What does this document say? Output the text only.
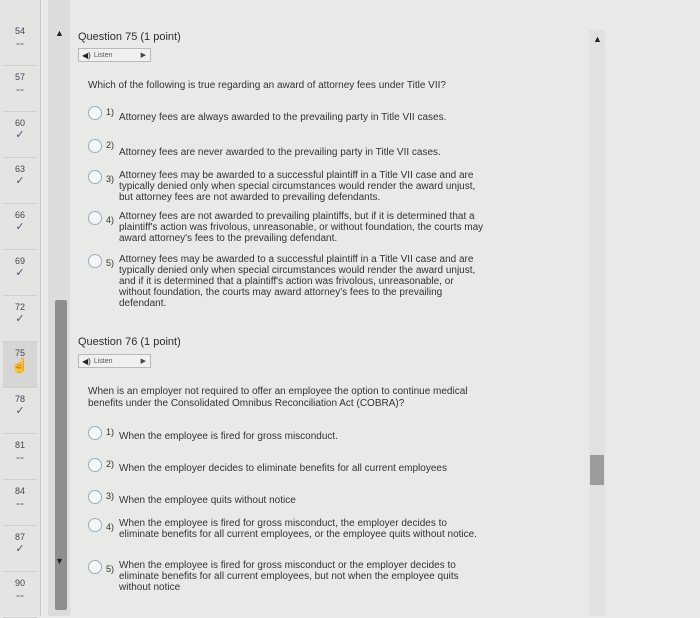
54
--
57
--
60
✓
63
✓
66
✓
69
✓
72
✓
75
☝
78
✓
81
--
84
--
87
✓
90
--
▲
▼
▲
Question 75 (1 point)
◀) Listen	▶
Which of the following is true regarding an award of attorney fees under Title VII?
1) Attorney fees are always awarded to the prevailing party in Title VII cases.
2)
Attorney fees are never awarded to the prevailing party in Title VII cases.
3) Attorney fees may be awarded to a successful plaintiff in a Title VII case and are typically denied only when special circumstances would render the award unjust, but attorney fees are not awarded to prevailing defendants.
4) Attorney fees are not awarded to prevailing plaintiffs, but if it is determined that a plaintiff's action was frivolous, unreasonable, or without foundation, the courts may award attorney's fees to the prevailing defendant.
5) Attorney fees may be awarded to a successful plaintiff in a Title VII case and are typically denied only when special circumstances would render the award unjust, and if it is determined that a plaintiff's action was frivolous, unreasonable, or without foundation, the courts may award attorney's fees to the prevailing defendant.
Question 76 (1 point)
◀) Listen	▶
When is an employer not required to offer an employee the option to continue medical benefits under the Consolidated Omnibus Reconciliation Act (COBRA)?
1) When the employee is fired for gross misconduct.
2) When the employer decides to eliminate benefits for all current employees
3) When the employee quits without notice
4) When the employee is fired for gross misconduct, the employer decides to eliminate benefits for all current employees, or the employee quits without notice.
5) When the employee is fired for gross misconduct or the employer decides to eliminate benefits for all current employees, but not when the employee quits without notice
